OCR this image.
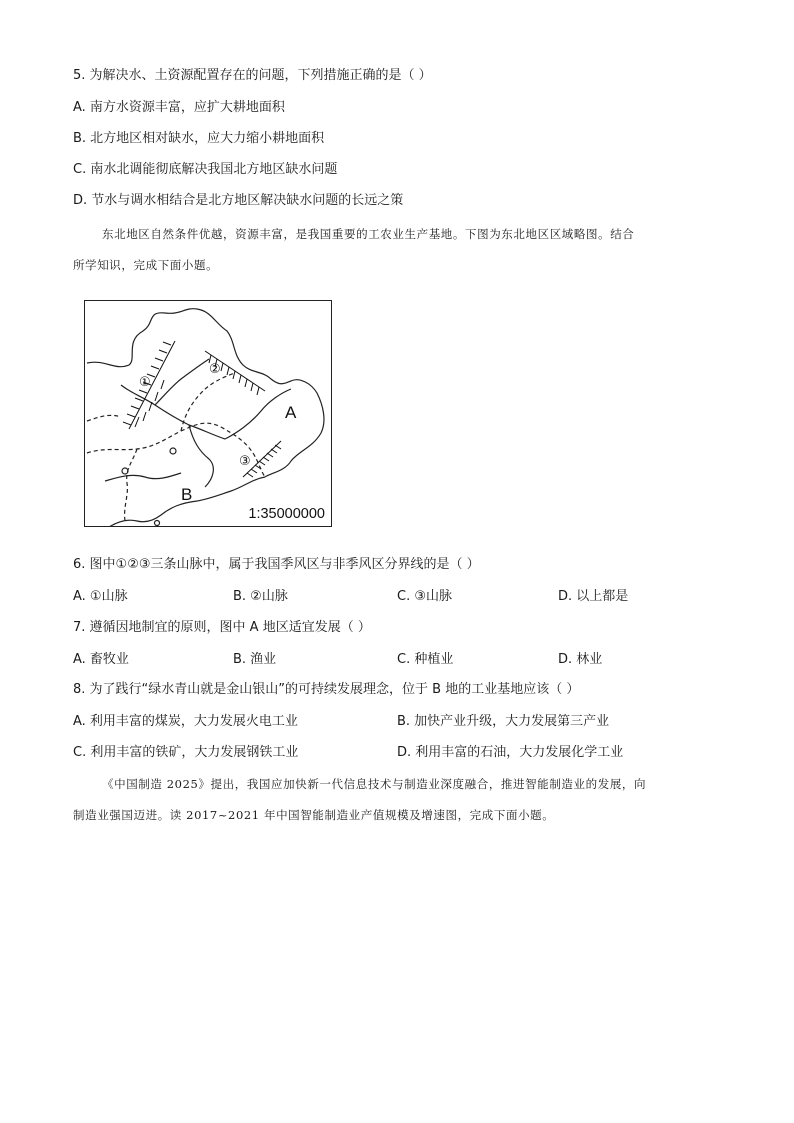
5. 为解决水、土资源配置存在的问题，下列措施正确的是（ ）
A. 南方水资源丰富，应扩大耕地面积
B. 北方地区相对缺水，应大力缩小耕地面积
C. 南水北调能彻底解决我国北方地区缺水问题
D. 节水与调水相结合是北方地区解决缺水问题的长远之策
东北地区自然条件优越，资源丰富，是我国重要的工农业生产基地。下图为东北地区区域略图。结合
所学知识，完成下面小题。
①
②
③
A
B
1:35000000
6. 图中①②③三条山脉中，属于我国季风区与非季风区分界线的是（ ）
A. ①山脉	B. ②山脉	C. ③山脉	D. 以上都是
7. 遵循因地制宜的原则，图中 A 地区适宜发展（ ）
A. 畜牧业	B. 渔业	C. 种植业	D. 林业
8. 为了践行“绿水青山就是金山银山”的可持续发展理念，位于 B 地的工业基地应该（ ）
A. 利用丰富的煤炭，大力发展火电工业	B. 加快产业升级，大力发展第三产业
C. 利用丰富的铁矿，大力发展钢铁工业	D. 利用丰富的石油，大力发展化学工业
《中国制造 2025》提出，我国应加快新一代信息技术与制造业深度融合，推进智能制造业的发展，向
制造业强国迈进。读 2017~2021 年中国智能制造业产值规模及增速图，完成下面小题。
